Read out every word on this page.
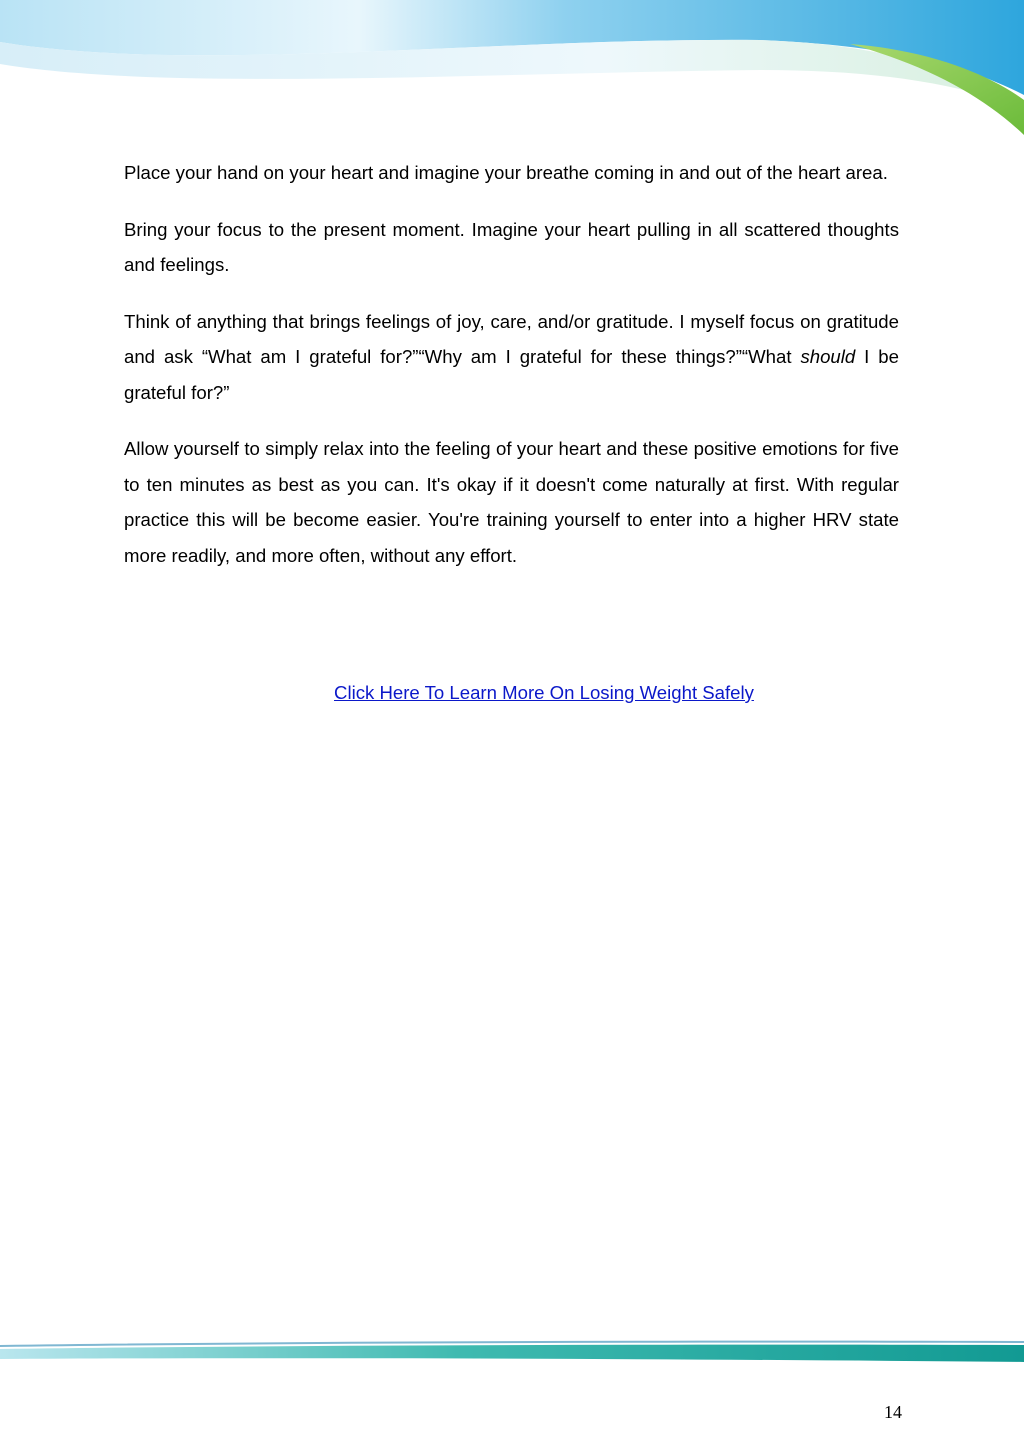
Place your hand on your heart and imagine your breathe coming in and out of the heart area.

Bring your focus to the present moment. Imagine your heart pulling in all scattered thoughts and feelings.

Think of anything that brings feelings of joy, care, and/or gratitude. I myself focus on gratitude and ask “What am I grateful for?”“Why am I grateful for these things?”“What should I be grateful for?”

Allow yourself to simply relax into the feeling of your heart and these positive emotions for five to ten minutes as best as you can. It's okay if it doesn't come naturally at first. With regular practice this will be become easier. You're training yourself to enter into a higher HRV state more readily, and more often, without any effort.

Click Here To Learn More On Losing Weight Safely
14
